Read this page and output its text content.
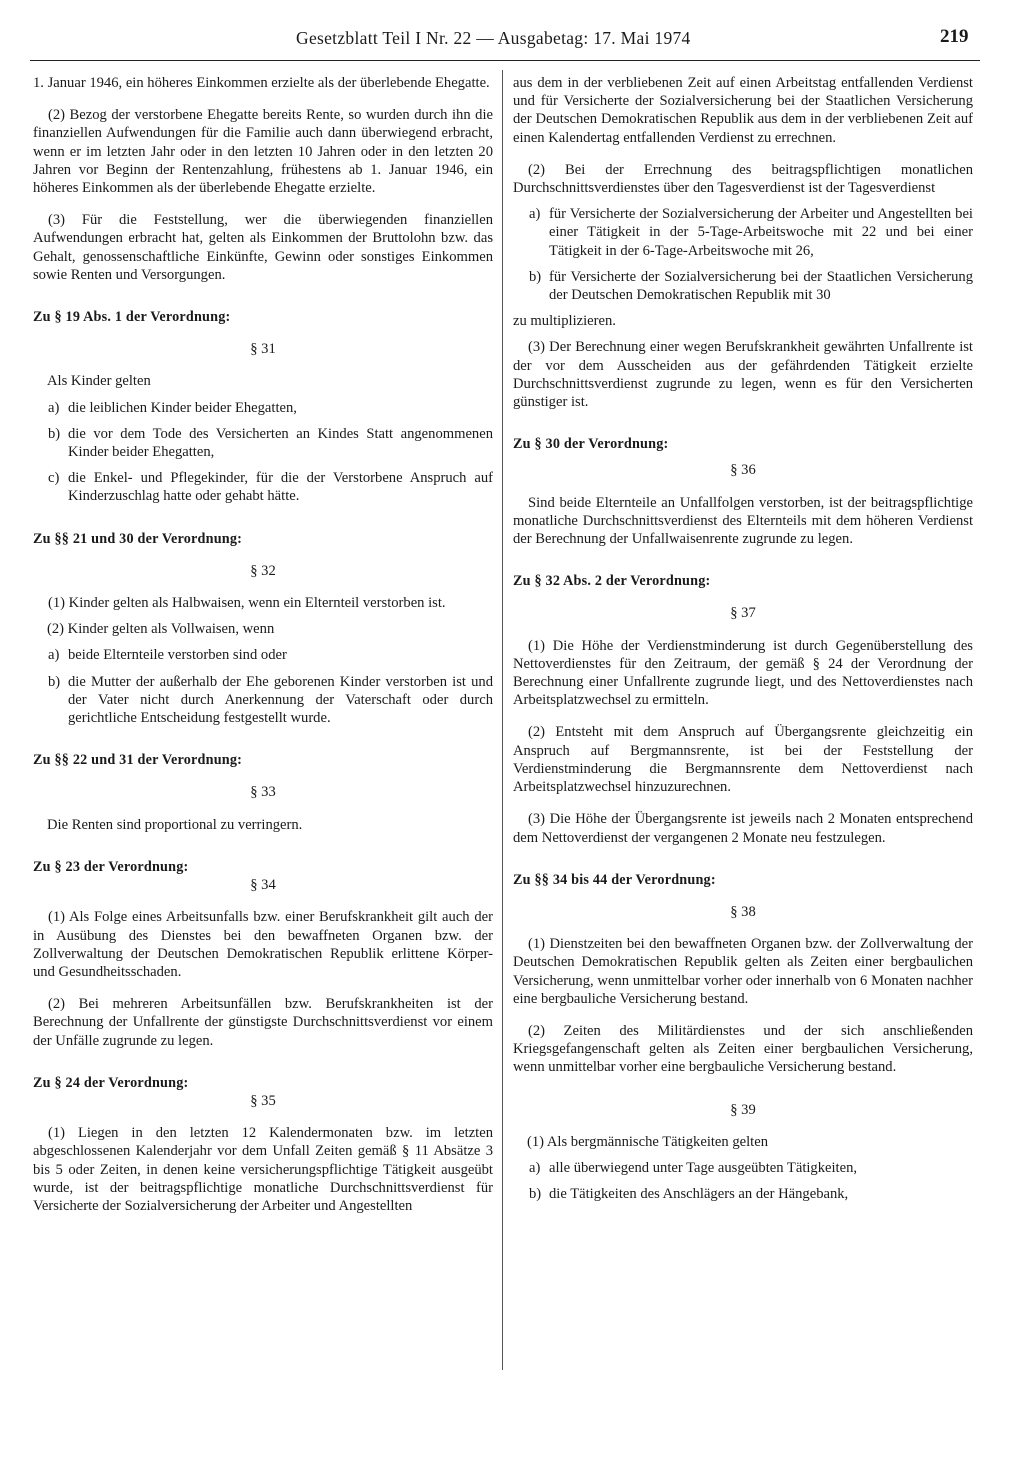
Gesetzblatt Teil I Nr. 22 — Ausgabetag: 17. Mai 1974	219

1. Januar 1946, ein höheres Einkommen erzielte als der überlebende Ehegatte.

(2) Bezog der verstorbene Ehegatte bereits Rente, so wurden durch ihn die finanziellen Aufwendungen für die Familie auch dann überwiegend erbracht, wenn er im letzten Jahr oder in den letzten 10 Jahren oder in den letzten 20 Jahren vor Beginn der Rentenzahlung, frühestens ab 1. Januar 1946, ein höheres Einkommen als der überlebende Ehegatte erzielte.

(3) Für die Feststellung, wer die überwiegenden finanziellen Aufwendungen erbracht hat, gelten als Einkommen der Bruttolohn bzw. das Gehalt, genossenschaftliche Einkünfte, Gewinn oder sonstiges Einkommen sowie Renten und Versorgungen.

Zu § 19 Abs. 1 der Verordnung:

§ 31

Als Kinder gelten

a) die leiblichen Kinder beider Ehegatten,

b) die vor dem Tode des Versicherten an Kindes Statt angenommenen Kinder beider Ehegatten,

c) die Enkel- und Pflegekinder, für die der Verstorbene Anspruch auf Kinderzuschlag hatte oder gehabt hätte.

Zu §§ 21 und 30 der Verordnung:

§ 32

(1) Kinder gelten als Halbwaisen, wenn ein Elternteil verstorben ist.

(2) Kinder gelten als Vollwaisen, wenn

a) beide Elternteile verstorben sind oder

b) die Mutter der außerhalb der Ehe geborenen Kinder verstorben ist und der Vater nicht durch Anerkennung der Vaterschaft oder durch gerichtliche Entscheidung festgestellt wurde.

Zu §§ 22 und 31 der Verordnung:

§ 33

Die Renten sind proportional zu verringern.

Zu § 23 der Verordnung:

§ 34

(1) Als Folge eines Arbeitsunfalls bzw. einer Berufskrankheit gilt auch der in Ausübung des Dienstes bei den bewaffneten Organen bzw. der Zollverwaltung der Deutschen Demokratischen Republik erlittene Körper- und Gesundheitsschaden.

(2) Bei mehreren Arbeitsunfällen bzw. Berufskrankheiten ist der Berechnung der Unfallrente der günstigste Durchschnittsverdienst vor einem der Unfälle zugrunde zu legen.

Zu § 24 der Verordnung:

§ 35

(1) Liegen in den letzten 12 Kalendermonaten bzw. im letzten abgeschlossenen Kalenderjahr vor dem Unfall Zeiten gemäß § 11 Absätze 3 bis 5 oder Zeiten, in denen keine versicherungspflichtige Tätigkeit ausgeübt wurde, ist der beitragspflichtige monatliche Durchschnittsverdienst für Versicherte der Sozialversicherung der Arbeiter und Angestellten

aus dem in der verbliebenen Zeit auf einen Arbeitstag entfallenden Verdienst und für Versicherte der Sozialversicherung bei der Staatlichen Versicherung der Deutschen Demokratischen Republik aus dem in der verbliebenen Zeit auf einen Kalendertag entfallenden Verdienst zu errechnen.

(2) Bei der Errechnung des beitragspflichtigen monatlichen Durchschnittsverdienstes über den Tagesverdienst ist der Tagesverdienst

a) für Versicherte der Sozialversicherung der Arbeiter und Angestellten bei einer Tätigkeit in der 5-Tage-Arbeitswoche mit 22 und bei einer Tätigkeit in der 6-Tage-Arbeitswoche mit 26,

b) für Versicherte der Sozialversicherung bei der Staatlichen Versicherung der Deutschen Demokratischen Republik mit 30

zu multiplizieren.

(3) Der Berechnung einer wegen Berufskrankheit gewährten Unfallrente ist der vor dem Ausscheiden aus der gefährdenden Tätigkeit erzielte Durchschnittsverdienst zugrunde zu legen, wenn es für den Versicherten günstiger ist.

Zu § 30 der Verordnung:

§ 36

Sind beide Elternteile an Unfallfolgen verstorben, ist der beitragspflichtige monatliche Durchschnittsverdienst des Elternteils mit dem höheren Verdienst der Berechnung der Unfallwaisenrente zugrunde zu legen.

Zu § 32 Abs. 2 der Verordnung:

§ 37

(1) Die Höhe der Verdienstminderung ist durch Gegenüberstellung des Nettoverdienstes für den Zeitraum, der gemäß § 24 der Verordnung der Berechnung einer Unfallrente zugrunde liegt, und des Nettoverdienstes nach Arbeitsplatzwechsel zu ermitteln.

(2) Entsteht mit dem Anspruch auf Übergangsrente gleichzeitig ein Anspruch auf Bergmannsrente, ist bei der Feststellung der Verdienstminderung die Bergmannsrente dem Nettoverdienst nach Arbeitsplatzwechsel hinzuzurechnen.

(3) Die Höhe der Übergangsrente ist jeweils nach 2 Monaten entsprechend dem Nettoverdienst der vergangenen 2 Monate neu festzulegen.

Zu §§ 34 bis 44 der Verordnung:

§ 38

(1) Dienstzeiten bei den bewaffneten Organen bzw. der Zollverwaltung der Deutschen Demokratischen Republik gelten als Zeiten einer bergbaulichen Versicherung, wenn unmittelbar vorher oder innerhalb von 6 Monaten nachher eine bergbauliche Versicherung bestand.

(2) Zeiten des Militärdienstes und der sich anschließenden Kriegsgefangenschaft gelten als Zeiten einer bergbaulichen Versicherung, wenn unmittelbar vorher eine bergbauliche Versicherung bestand.

§ 39

(1) Als bergmännische Tätigkeiten gelten

a) alle überwiegend unter Tage ausgeübten Tätigkeiten,

b) die Tätigkeiten des Anschlägers an der Hängebank,
